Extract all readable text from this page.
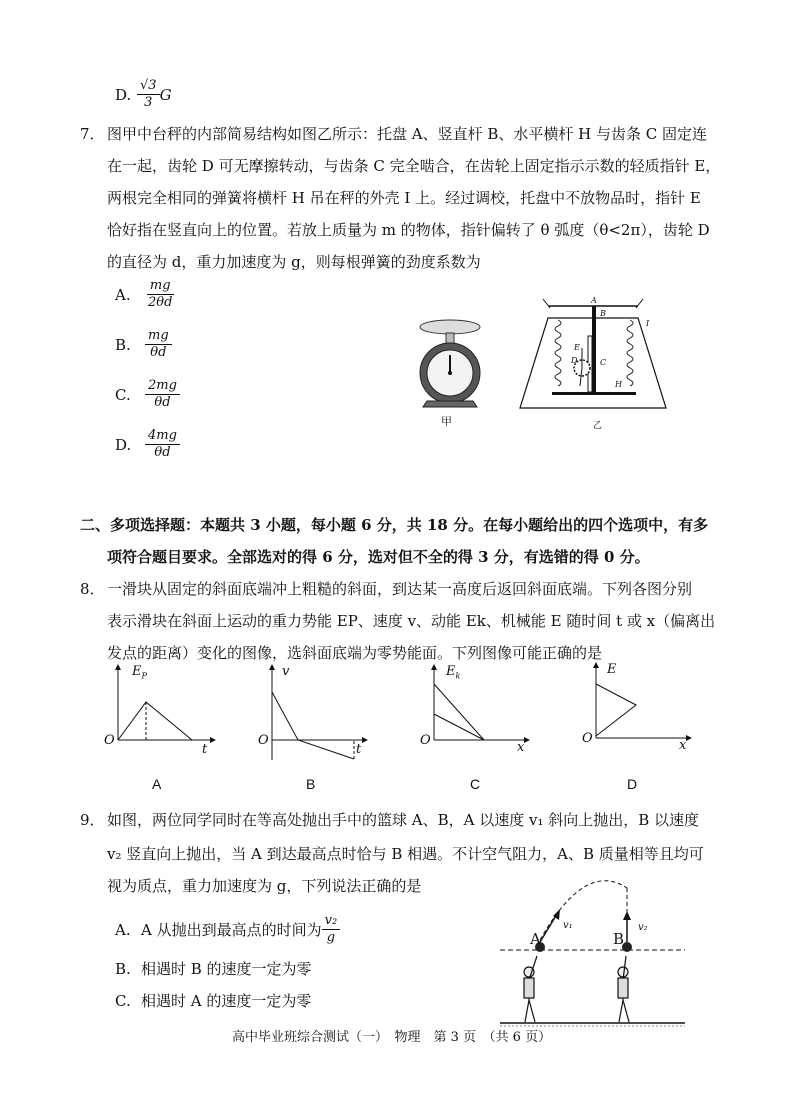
D. $\frac{√3}{3}$ G
7． 图甲中台秤的内部简易结构如图乙所示：托盘 A、竖直杆 B、水平横杆 H 与齿条 C 固定连
在一起，齿轮 D 可无摩擦转动，与齿条 C 完全啮合，在齿轮上固定指示示数的轻质指针 E，
两根完全相同的弹簧将横杆 H 吊在秤的外壳 I 上。经过调校，托盘中不放物品时，指针 E
恰好指在竖直向上的位置。若放上质量为 m 的物体，指针偏转了 θ 弧度（θ<2π），齿轮 D
的直径为 d，重力加速度为 g，则每根弹簧的劲度系数为
A.	$\frac{mg}{2\theta d}$
B.	$\frac{mg}{\theta d}$
C.	$\frac{2mg}{\theta d}$
D.	$\frac{4mg}{\theta d}$
甲
A
B
I
E
D	C
H
乙
二、多项选择题：本题共 3 小题，每小题 6 分，共 18 分。在每小题给出的四个选项中，有多
项符合题目要求。全部选对的得 6 分，选对但不全的得 3 分，有选错的得 0 分。
8． 一滑块从固定的斜面底端冲上粗糙的斜面，到达某一高度后返回斜面底端。下列各图分别
表示滑块在斜面上运动的重力势能 EP、速度 v、动能 Ek、机械能 E 随时间 t 或 x（偏离出
发点的距离）变化的图像，选斜面底端为零势能面。下列图像可能正确的是
$E_P$
O
t
A
v
O
t
B
$E_k$
O	x
C
E
O	x
D
9． 如图，两位同学同时在等高处抛出手中的篮球 A、B，A 以速度 v₁ 斜向上抛出，B 以速度
v₂ 竖直向上抛出，当 A 到达最高点时恰与 B 相遇。不计空气阻力，A、B 质量相等且均可
视为质点，重力加速度为 g，下列说法正确的是
A. A 从抛出到最高点的时间为 $\frac{\text{v₂}}{g}$
B. 相遇时 B 的速度一定为零
C. 相遇时 A 的速度一定为零
A	B
v₁	v₂
高中毕业班综合测试（一）　物理　第 3 页　（共 6 页）
